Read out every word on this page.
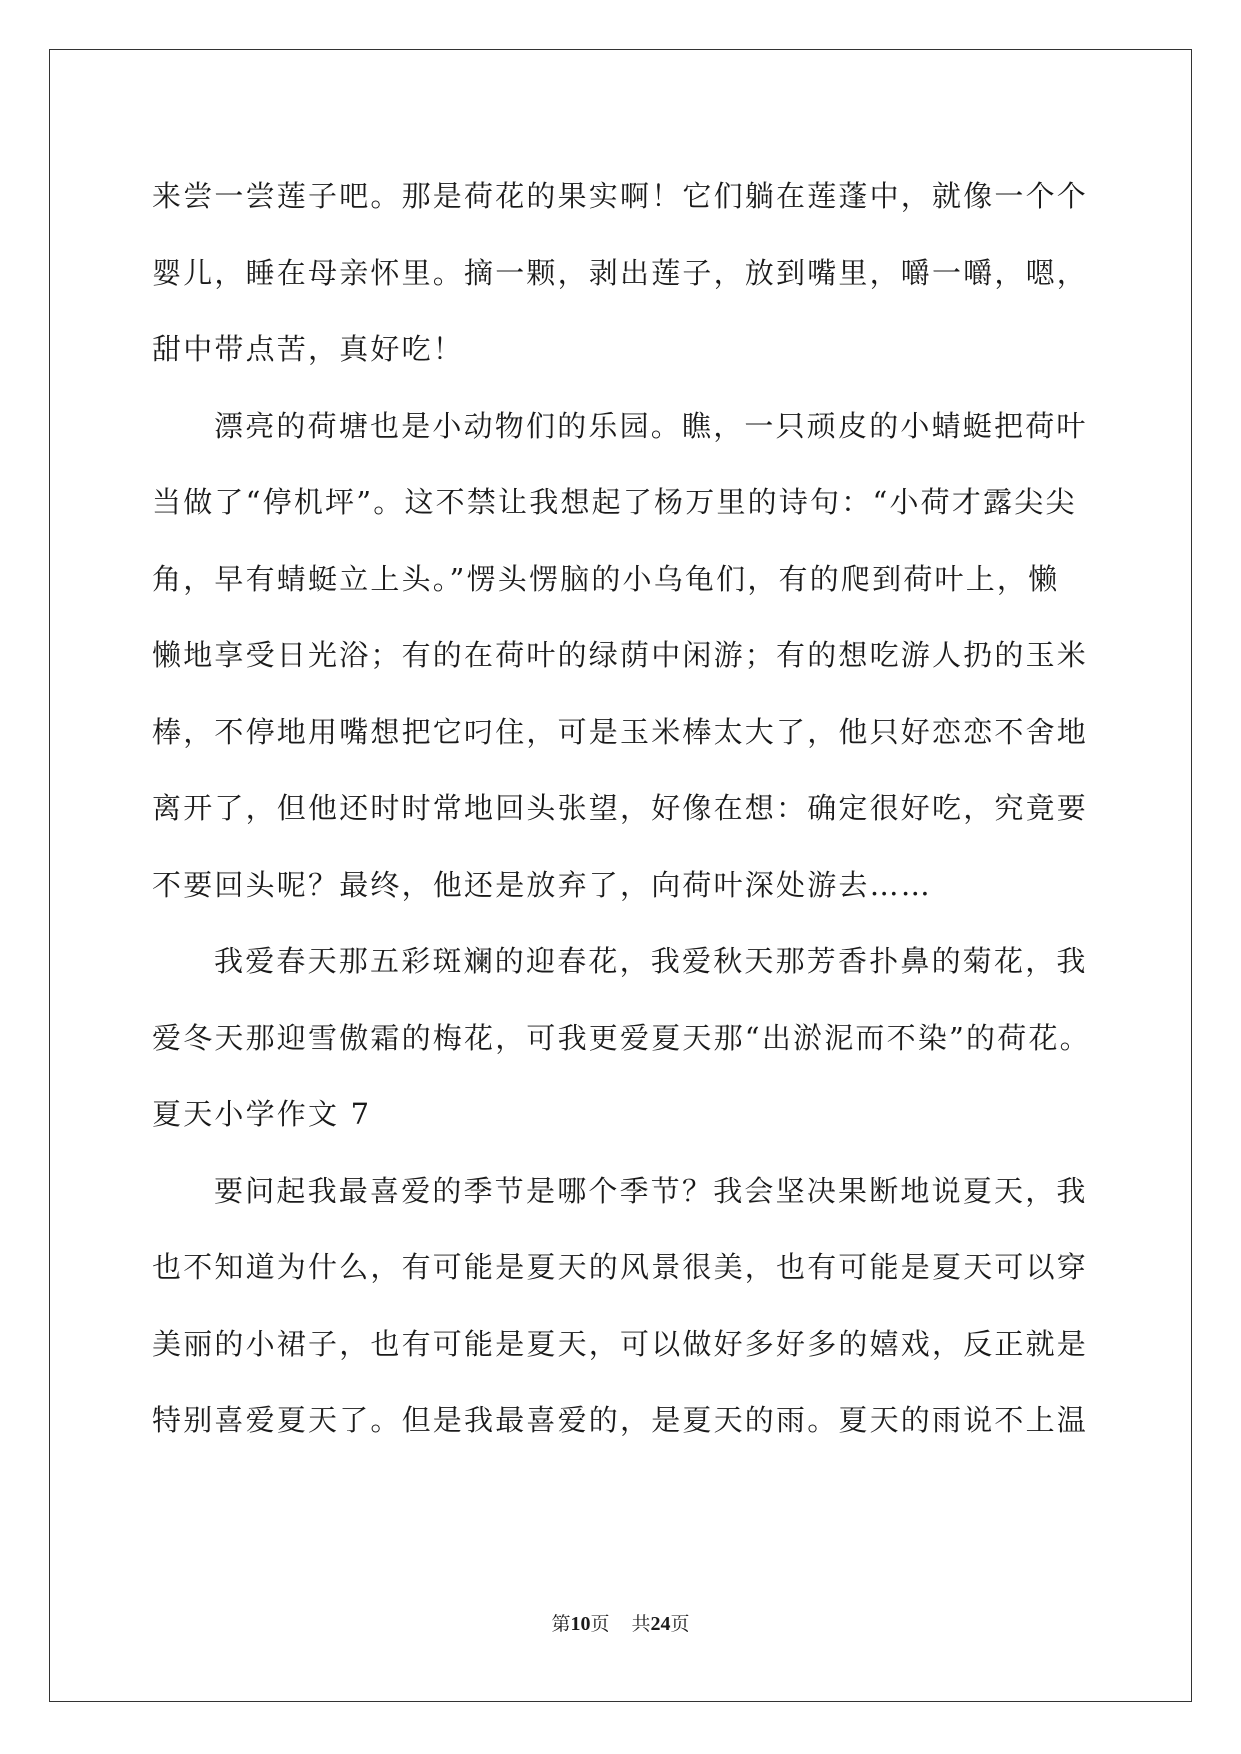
来尝一尝莲子吧。那是荷花的果实啊！它们躺在莲蓬中，就像一个个
婴儿，睡在母亲怀里。摘一颗，剥出莲子，放到嘴里，嚼一嚼，嗯，
甜中带点苦，真好吃！

漂亮的荷塘也是小动物们的乐园。瞧，一只顽皮的小蜻蜓把荷叶
当做了“停机坪”。这不禁让我想起了杨万里的诗句：“小荷才露尖尖
角，早有蜻蜓立上头。”愣头愣脑的小乌龟们，有的爬到荷叶上，懒
懒地享受日光浴；有的在荷叶的绿荫中闲游；有的想吃游人扔的玉米
棒，不停地用嘴想把它叼住，可是玉米棒太大了，他只好恋恋不舍地
离开了，但他还时时常地回头张望，好像在想：确定很好吃，究竟要
不要回头呢？最终，他还是放弃了，向荷叶深处游去……

我爱春天那五彩斑斓的迎春花，我爱秋天那芳香扑鼻的菊花，我
爱冬天那迎雪傲霜的梅花，可我更爱夏天那“出淤泥而不染”的荷花。

夏天小学作文 7

要问起我最喜爱的季节是哪个季节？我会坚决果断地说夏天，我
也不知道为什么，有可能是夏天的风景很美，也有可能是夏天可以穿
美丽的小裙子，也有可能是夏天，可以做好多好多的嬉戏，反正就是
特别喜爱夏天了。但是我最喜爱的，是夏天的雨。夏天的雨说不上温

第10页 共24页
